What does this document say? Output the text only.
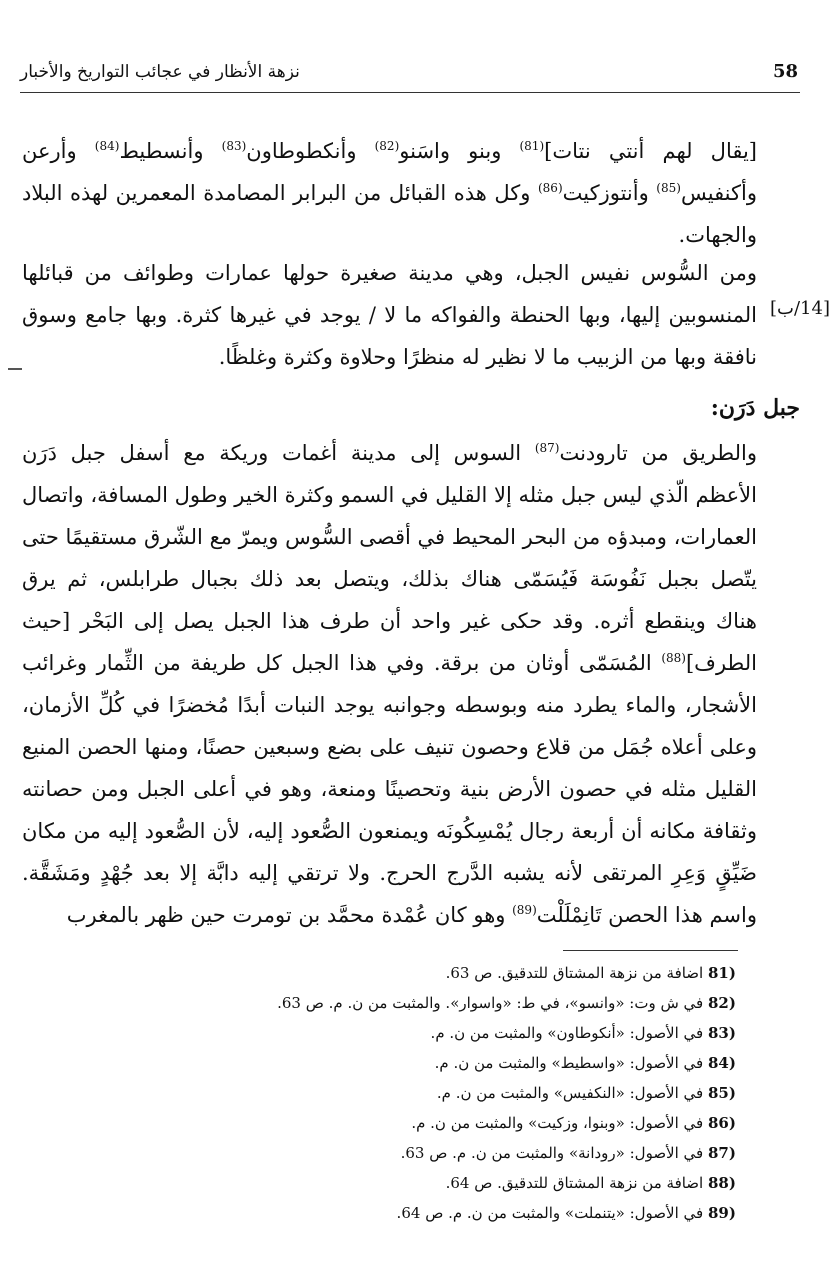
نزهة الأنظار في عجائب التواريخ والأخبار	58
[14/ب]
[يقال لهم أنتي نتات]$^{(81)}$ وبنو واسَنو$^{(82)}$ وأنكطوطاون$^{(83)}$ وأنسطيط$^{(84)}$ وأرعن
وأكنفيس$^{(85)}$ وأنتوزكيت$^{(86)}$ وكل هذه القبائل من البرابر المصامدة المعمرين لهذه البلاد
والجهات.
ومن السُّوس نفيس الجبل، وهي مدينة صغيرة حولها عمارات وطوائف من قبائلها
المنسوبين إليها، وبها الحنطة والفواكه ما لا / يوجد في غيرها كثرة. وبها جامع وسوق
نافقة وبها من الزبيب ما لا نظير له منظرًا وحلاوة وكثرة وغلظًا.
جبل دَرَن:
والطريق من تارودنت$^{(87)}$ السوس إلى مدينة أغمات وريكة مع أسفل جبل دَرَن
الأعظم الّذي ليس جبل مثله إلا القليل في السمو وكثرة الخير وطول المسافة، واتصال
العمارات، ومبدؤه من البحر المحيط في أقصى السُّوس ويمرّ مع الشّرق مستقيمًا حتى
يتّصل بجبل نَفُوسَة فَيُسَمّى هناك بذلك، ويتصل بعد ذلك بجبال طرابلس، ثم يرق
هناك وينقطع أثره. وقد حكى غير واحد أن طرف هذا الجبل يصل إلى البَحْر [حيث
الطرف]$^{(88)}$ المُسَمّى أوثان من برقة. وفي هذا الجبل كل طريفة من الثِّمار وغرائب
الأشجار، والماء يطرد منه وبوسطه وجوانبه يوجد النبات أبدًا مُخضرًا في كُلِّ الأزمان،
وعلى أعلاه جُمَل من قلاع وحصون تنيف على بضع وسبعين حصنًا، ومنها الحصن المنيع
القليل مثله في حصون الأرض بنية وتحصينًا ومنعة، وهو في أعلى الجبل ومن حصانته
وثقافة مكانه أن أربعة رجال يُمْسِكُونَه ويمنعون الصُّعود إليه، لأن الصُّعود إليه من مكان
ضَيِّقٍ وَعِرِ المرتقى لأنه يشبه الدَّرج الحرج. ولا ترتقي إليه دابَّة إلا بعد جُهْدٍ ومَشَقَّة.
واسم هذا الحصن تَانِمْلَلْت$^{(89)}$ وهو كان عُمْدة محمَّد بن تومرت حين ظهر بالمغرب
81) اضافة من نزهة المشتاق للتدقيق. ص 63.
82) في ش وت: «وانسو»، في ط: «واسوار». والمثبت من ن. م. ص 63.
83) في الأصول: «أنكوطاون» والمثبت من ن. م.
84) في الأصول: «واسطيط» والمثبت من ن. م.
85) في الأصول: «النكفيس» والمثبت من ن. م.
86) في الأصول: «وبنوا، وزكيت» والمثبت من ن. م.
87) في الأصول: «رودانة» والمثبت من ن. م. ص 63.
88) اضافة من نزهة المشتاق للتدقيق. ص 64.
89) في الأصول: «يتنملت» والمثبت من ن. م. ص 64.
